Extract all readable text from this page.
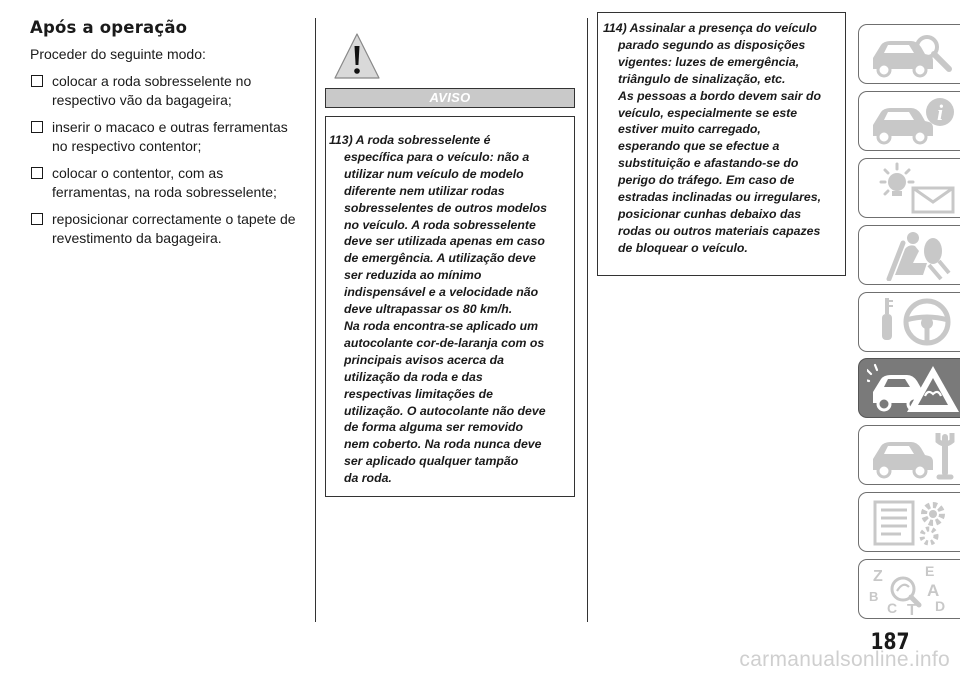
Após a operação

Proceder do seguinte modo:

colocar a roda sobresselente no respectivo vão da bagageira;
inserir o macaco e outras ferramentas no respectivo contentor;
colocar o contentor, com as ferramentas, na roda sobresselente;
reposicionar correctamente o tapete de revestimento da bagageira.
AVISO
113) A roda sobresselente é
específica para o veículo: não a
utilizar num veículo de modelo
diferente nem utilizar rodas
sobresselentes de outros modelos
no veículo. A roda sobresselente
deve ser utilizada apenas em caso
de emergência. A utilização deve
ser reduzida ao mínimo
indispensável e a velocidade não
deve ultrapassar os 80 km/h.
Na roda encontra-se aplicado um
autocolante cor-de-laranja com os
principais avisos acerca da
utilização da roda e das
respectivas limitações de
utilização. O autocolante não deve
de forma alguma ser removido
nem coberto. Na roda nunca deve
ser aplicado qualquer tampão
da roda.
114) Assinalar a presença do veículo
parado segundo as disposições
vigentes: luzes de emergência,
triângulo de sinalização, etc.
As pessoas a bordo devem sair do
veículo, especialmente se este
estiver muito carregado,
esperando que se efectue a
substituição e afastando-se do
perigo do tráfego. Em caso de
estradas inclinadas ou irregulares,
posicionar cunhas debaixo das
rodas ou outros materiais capazes
de bloquear o veículo.
i
Z	E
B	A
C T D
187
carmanualsonline.info
